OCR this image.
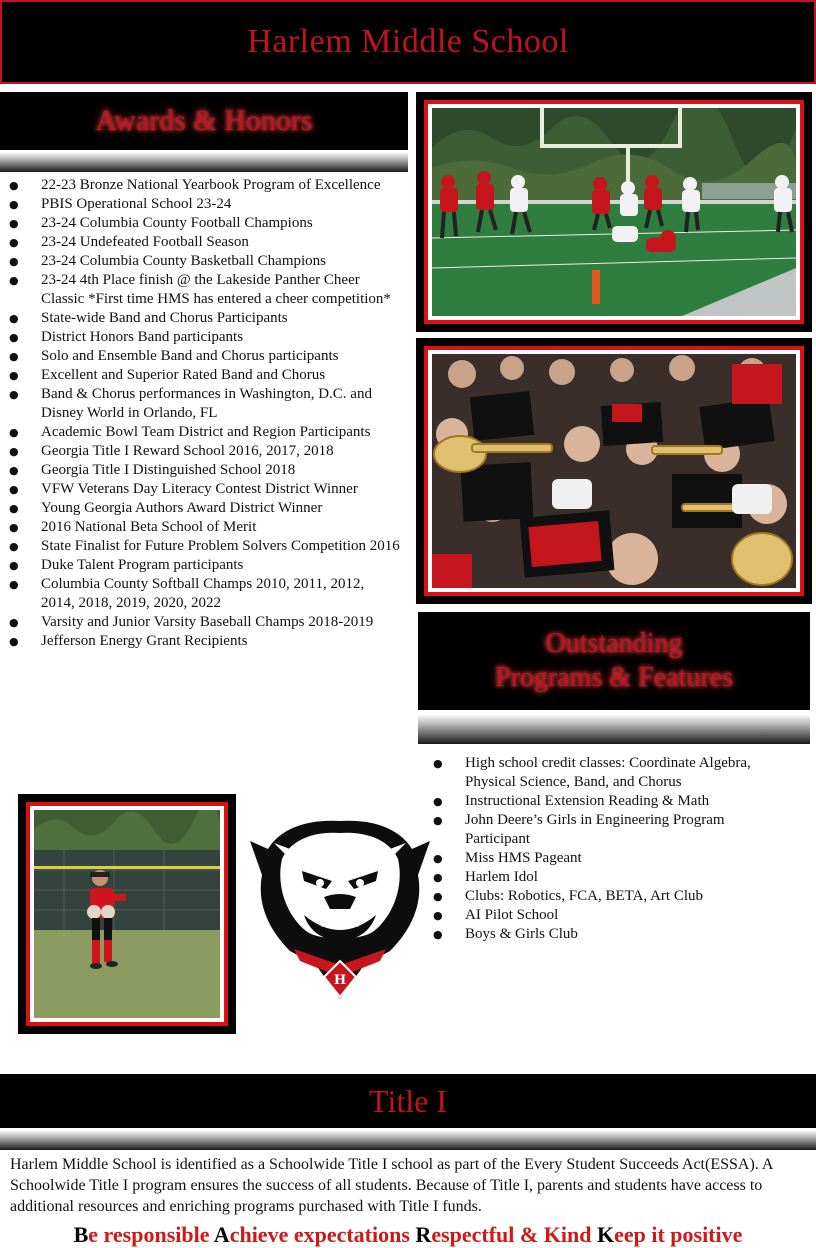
Harlem Middle School
Awards & Honors
● 22-23 Bronze National Yearbook Program of Excellence
● PBIS Operational School 23-24
● 23-24 Columbia County Football Champions
● 23-24 Undefeated Football Season
● 23-24 Columbia County Basketball Champions
● 23-24 4th Place finish @ the Lakeside Panther Cheer Classic *First time HMS has entered a cheer competition*
● State-wide Band and Chorus Participants
● District Honors Band participants
● Solo and Ensemble Band and Chorus participants
● Excellent and Superior Rated Band and Chorus
● Band & Chorus performances in Washington, D.C. and Disney World in Orlando, FL
● Academic Bowl Team District and Region Participants
● Georgia Title I Reward School 2016, 2017, 2018
● Georgia Title I Distinguished School 2018
● VFW Veterans Day Literacy Contest District Winner
● Young Georgia Authors Award District Winner
● 2016 National Beta School of Merit
● State Finalist for Future Problem Solvers Competition 2016
● Duke Talent Program participants
● Columbia County Softball Champs 2010, 2011, 2012, 2014, 2018, 2019, 2020, 2022
● Varsity and Junior Varsity Baseball Champs 2018-2019
● Jefferson Energy Grant Recipients	Outstanding
Programs & Features
● High school credit classes: Coordinate Algebra, Physical Science, Band, and Chorus
● Instructional Extension Reading & Math
● John Deere’s Girls in Engineering Program Participant
● Miss HMS Pageant
● Harlem Idol
● Clubs: Robotics, FCA, BETA, Art Club
● AI Pilot School
● Boys & Girls Club
H
Title I

Harlem Middle School is identified as a Schoolwide Title I school as part of the Every Student Succeeds Act(ESSA). A Schoolwide Title I program ensures the success of all students. Because of Title I, parents and students have access to additional resources and enriching programs purchased with Title I funds.

Be responsible Achieve expectations Respectful & Kind Keep it positive
